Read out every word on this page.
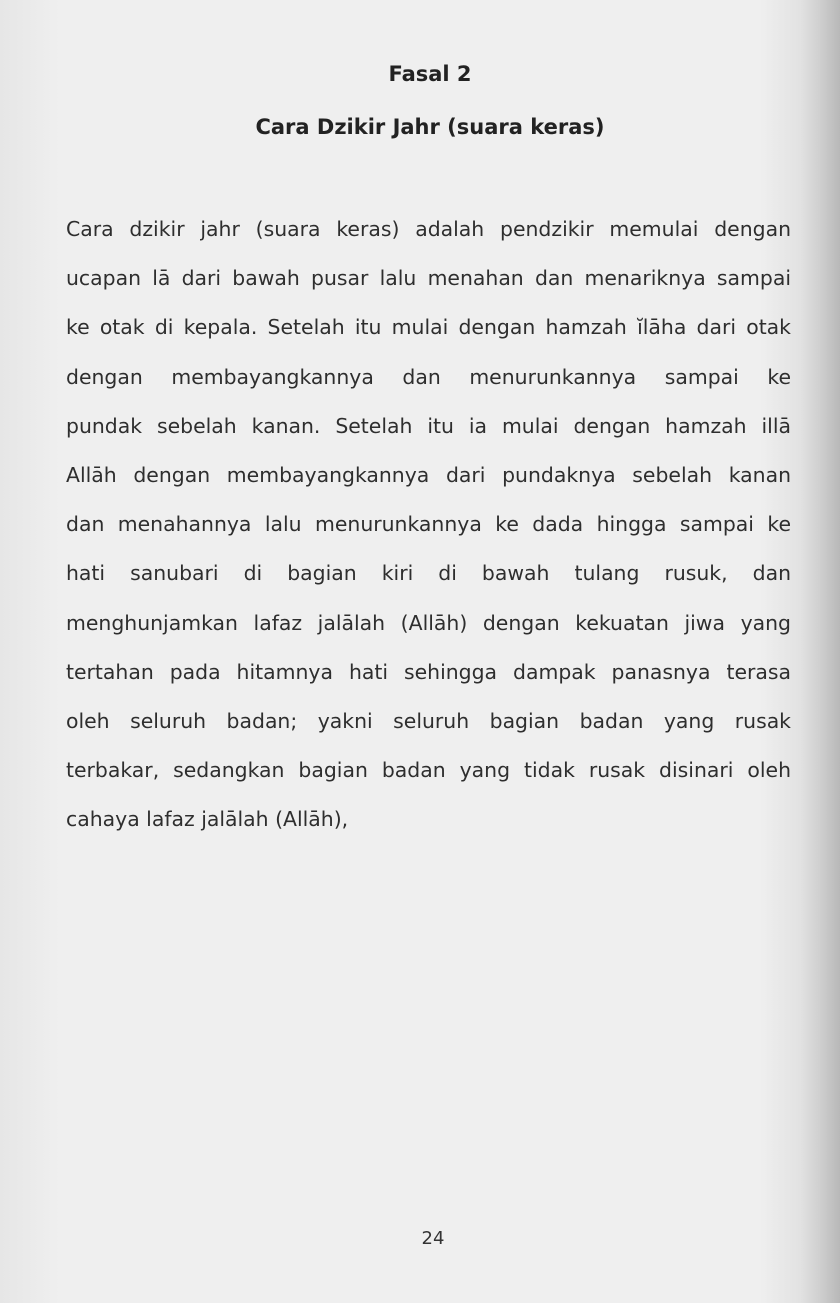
Fasal 2
Cara Dzikir Jahr (suara keras)
Cara dzikir jahr (suara keras) adalah pendzikir memulai dengan
ucapan lā dari bawah pusar lalu menahan dan menariknya sampai
ke otak di kepala. Setelah itu mulai dengan hamzah ĭlāha dari otak
dengan membayangkannya dan menurunkannya sampai ke
pundak sebelah kanan. Setelah itu ia mulai dengan hamzah illā
Allāh dengan membayangkannya dari pundaknya sebelah kanan
dan menahannya lalu menurunkannya ke dada hingga sampai ke
hati sanubari di bagian kiri di bawah tulang rusuk, dan
menghunjamkan lafaz jalālah (Allāh) dengan kekuatan jiwa yang
tertahan pada hitamnya hati sehingga dampak panasnya terasa
oleh seluruh badan; yakni seluruh bagian badan yang rusak
terbakar, sedangkan bagian badan yang tidak rusak disinari oleh
cahaya lafaz jalālah (Allāh),
24
